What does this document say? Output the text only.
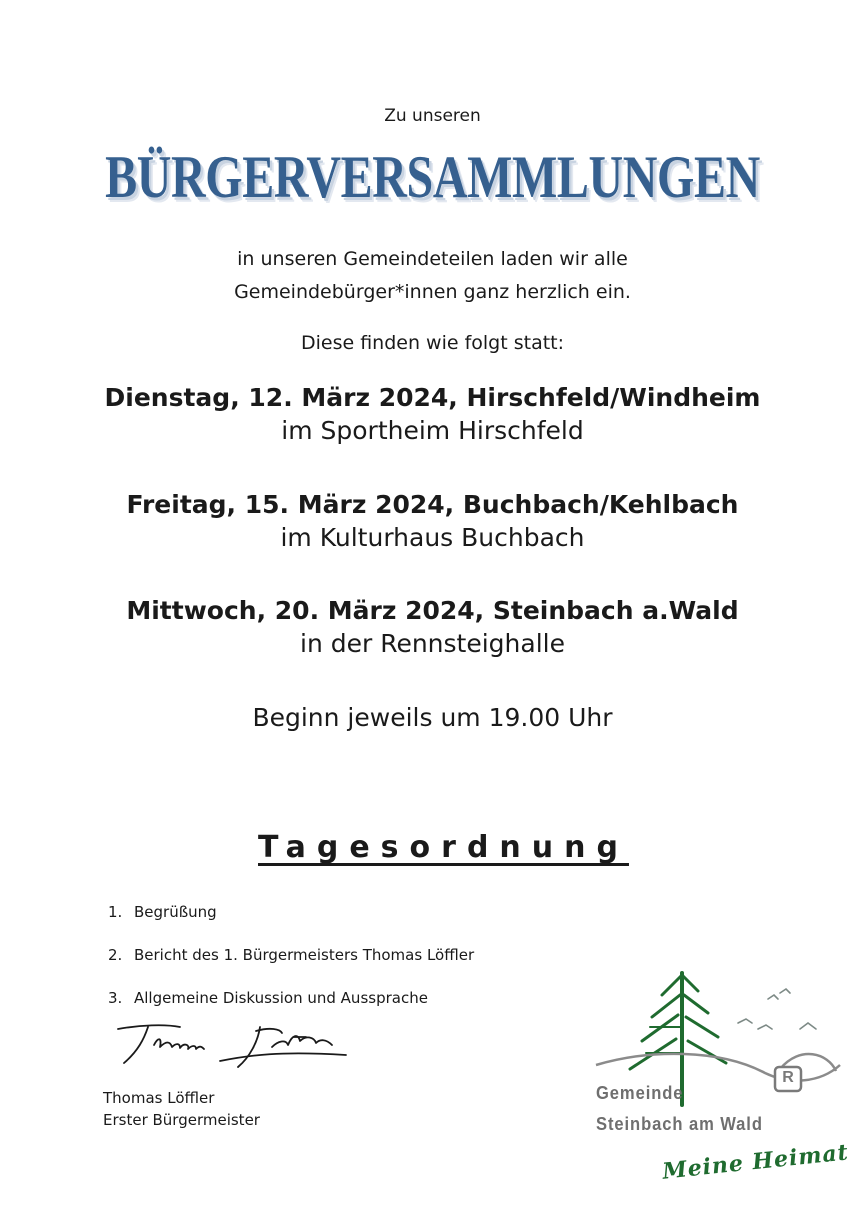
Zu unseren
BÜRGERVERSAMMLUNGEN
in unseren Gemeindeteilen laden wir alle
Gemeindebürger*innen ganz herzlich ein.
Diese finden wie folgt statt:
Dienstag, 12. März 2024, Hirschfeld/Windheim
im Sportheim Hirschfeld
Freitag, 15. März 2024, Buchbach/Kehlbach
im Kulturhaus Buchbach
Mittwoch, 20. März 2024, Steinbach a.Wald
in der Rennsteighalle
Beginn jeweils um 19.00 Uhr
Tagesordnung
1. Begrüßung
2. Bericht des 1. Bürgermeisters Thomas Löffler
3. Allgemeine Diskussion und Aussprache
Thomas Löffler
Erster Bürgermeister
R
Gemeinde
Steinbach am Wald
Meine Heimat
